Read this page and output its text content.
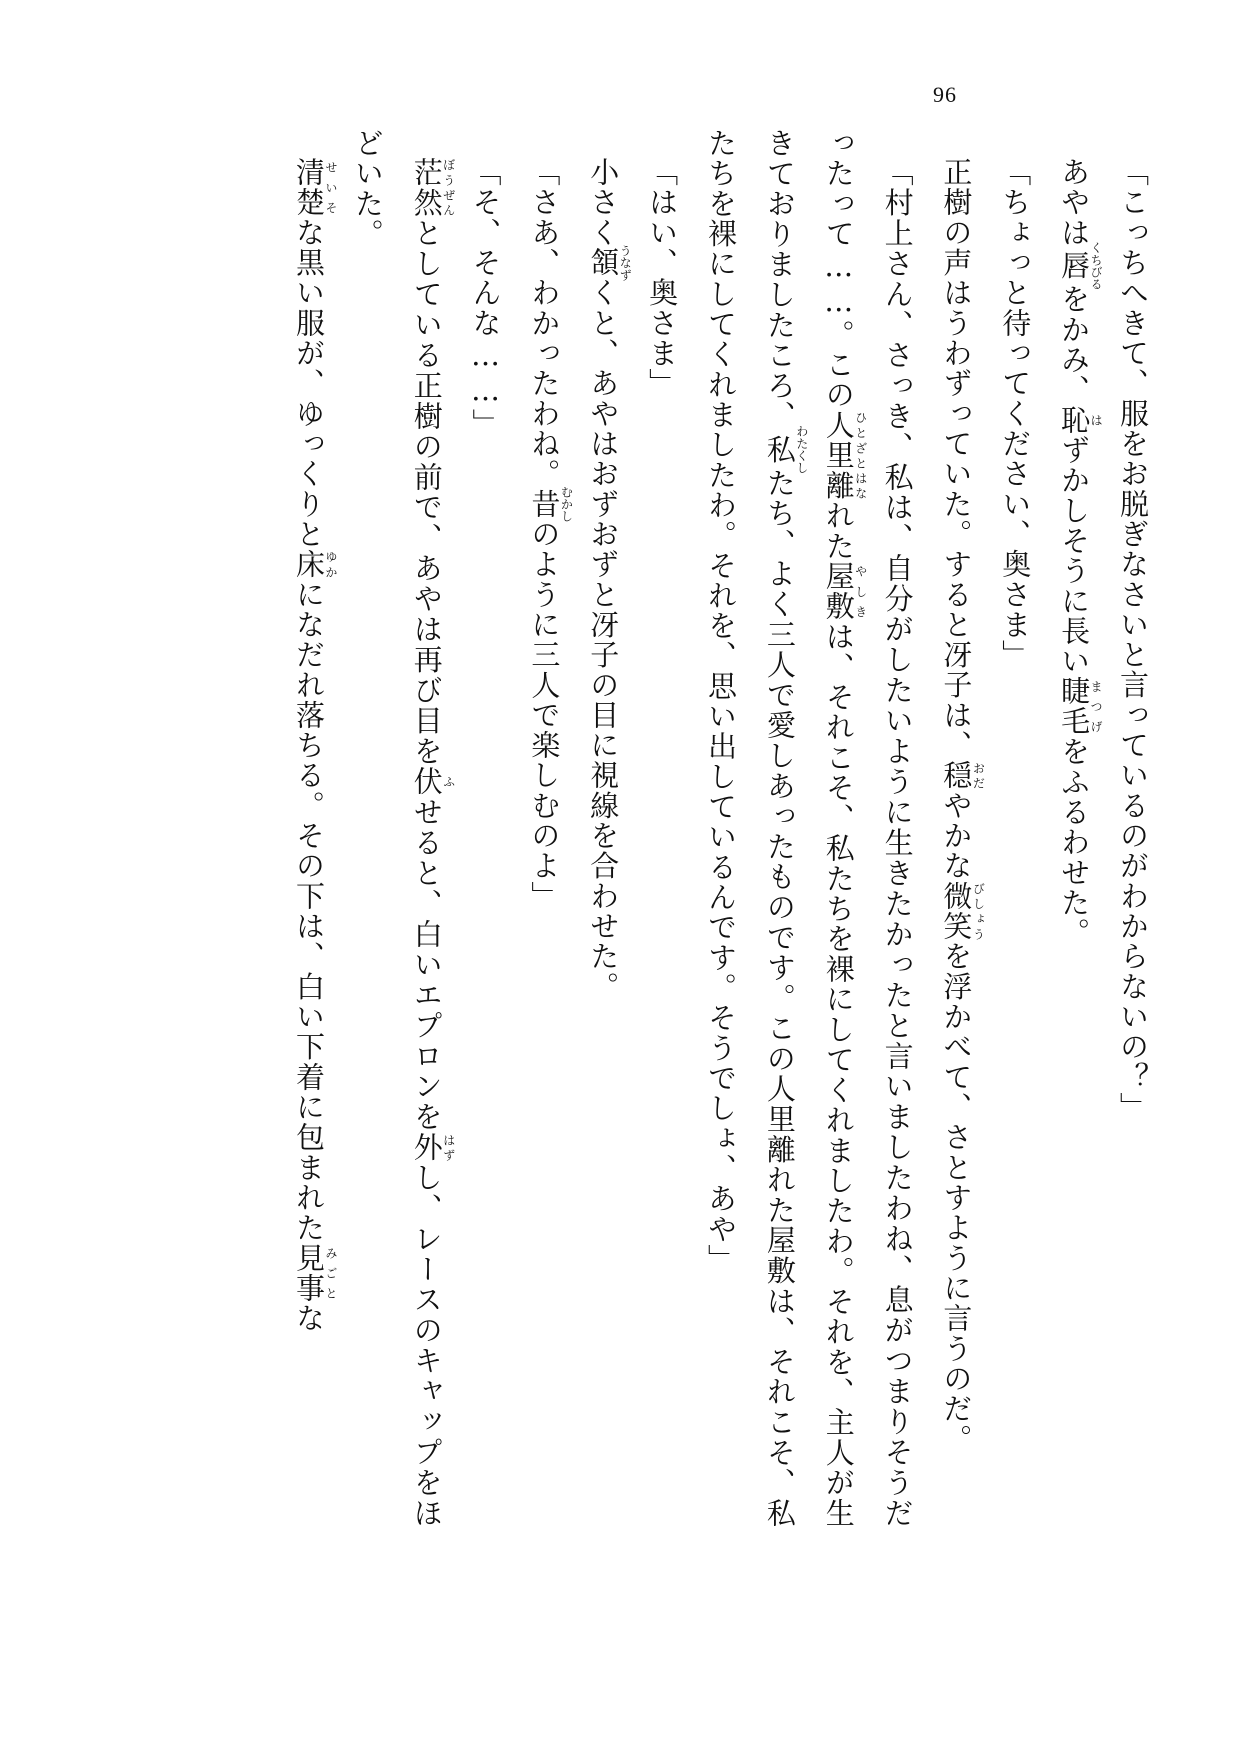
96

「こっちへきて、服をお脱ぎなさいと言っているのがわからないの？」

あやは唇くちびるをかみ、恥はずかしそうに長い睫毛まつげをふるわせた。

「ちょっと待ってください、奥さま」

正樹の声はうわずっていた。すると冴子は、穏おだやかな微笑びしょうを浮かべて、さとすように言うのだ。

「村上さん、さっき、私は、自分がしたいように生きたかったと言いましたわね、息がつまりそうだったって……。この人里離ひとざとはなれた屋敷やしきは、それこそ、私たちを裸にしてくれましたわ。それを、主人が生きておりましたころ、私わたくしたち、よく三人で愛しあったものです。この人里離れた屋敷は、それこそ、私たちを裸にしてくれましたわ。それを、思い出しているんです。そうでしょ、あや」

「はい、奥さま」

小さく頷うなずくと、あやはおずおずと冴子の目に視線を合わせた。

「さあ、わかったわね。昔むかしのように三人で楽しむのよ」

「そ、そんな……」

茫然ぼうぜんとしている正樹の前で、あやは再び目を伏ふせると、白いエプロンを外はずし、レースのキャップをほどいた。

清楚せいそな黒い服が、ゆっくりと床ゆかになだれ落ちる。その下は、白い下着に包まれた見事みごとな
